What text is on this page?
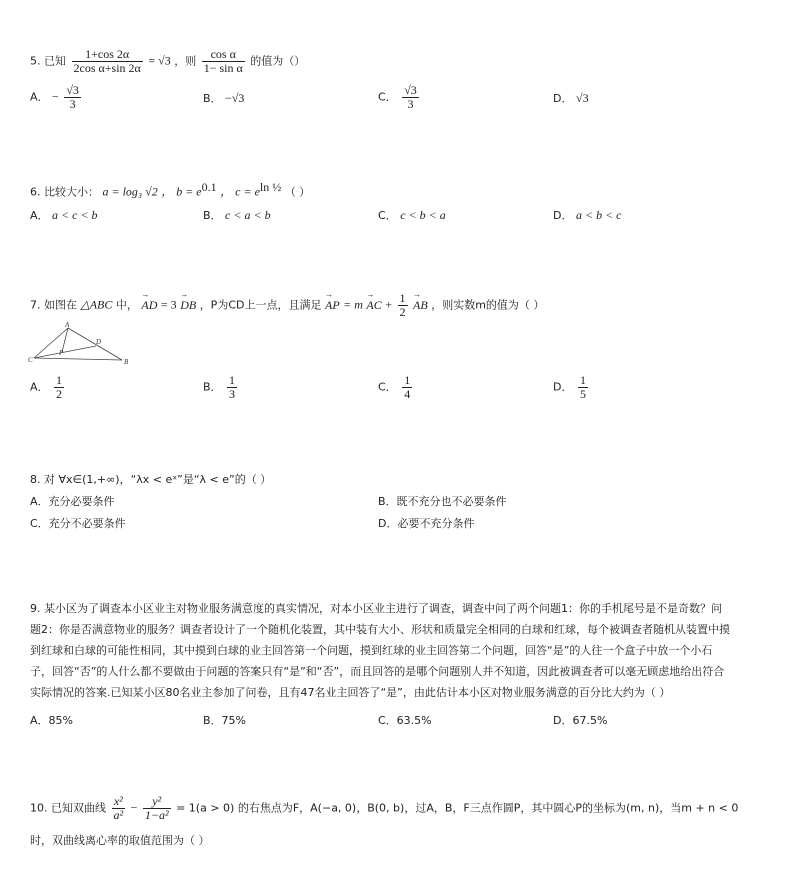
5. 已知 $\frac{1+\cos 2\alpha}{\text{2cos α+sin 2α}} = √3$ ，则 $\frac{\text{cos α}}{\text{1− sin α}}$ 的值为（）
A． − $\frac{√3}{3}$	B． −√3	C． $\frac{√3}{3}$	D． √3
6. 比较大小： a = log₃ √2 ， $b = e^{0.1}$ ， $c = e^{ln \frac{1}{2}}$ （ ）
A． a < c < b	B． c < a < b	C． c < b < a	D． a < b < c
7. 如图在 △ABC 中， → AD = 3 → DB ，P为CD上一点，且满足 → AP = m → AC + $\frac{1}{2}$ → AB ，则实数m的值为（ ）
A
B
C
D
P
A． $\frac{1}{2}$	B． $\frac{1}{3}$	C． $\frac{1}{4}$	D． $\frac{1}{5}$
8. 对 ∀x∈(1,+∞)，“λx < eˣ”是“λ < e”的（ ）
A．充分必要条件	B．既不充分也不必要条件
C．充分不必要条件	D．必要不充分条件
9. 某小区为了调查本小区业主对物业服务满意度的真实情况，对本小区业主进行了调查，调查中问了两个问题1：你的手机尾号是不是奇数？问题2：你是否满意物业的服务？调查者设计了一个随机化装置，其中装有大小、形状和质量完全相同的白球和红球，每个被调查者随机从装置中摸到红球和白球的可能性相同，其中摸到白球的业主回答第一个问题，摸到红球的业主回答第二个问题，回答“是”的人往一个盒子中放一个小石子，回答“否”的人什么都不要做由于问题的答案只有“是”和“否”，而且回答的是哪个问题别人并不知道，因此被调查者可以毫无顾虑地给出符合实际情况的答案.已知某小区80名业主参加了问卷，且有47名业主回答了“是”，由此估计本小区对物业服务满意的百分比大约为（ ）
A．85%	B．75%	C．63.5%	D．67.5%
10. 已知双曲线 $\frac{\text{x²}}{\text{a²}} - \frac{\text{y²}}{\text{1−a²}} = 1(a > 0)$ 的右焦点为F，A(−a, 0)，B(0, b)，过A，B，F三点作圆P，其中圆心P的坐标为(m, n)，当m + n < 0
时，双曲线离心率的取值范围为（ ）
